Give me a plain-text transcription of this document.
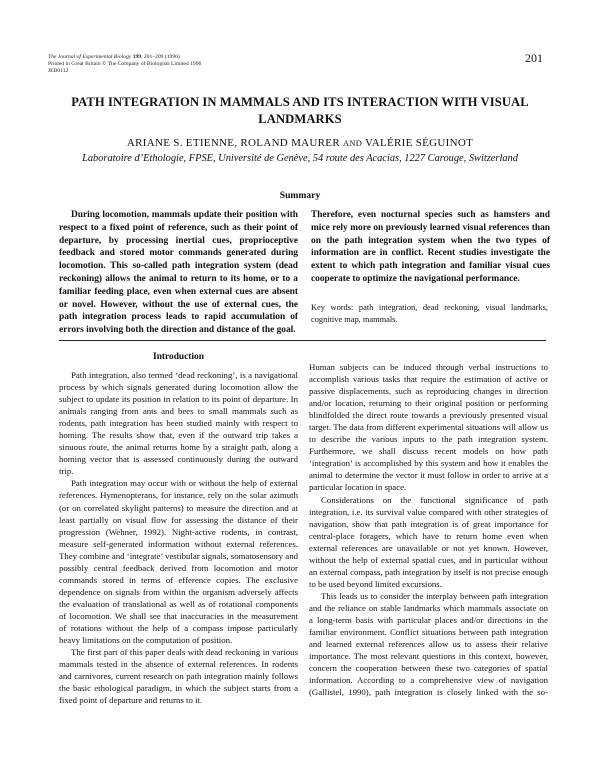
The Journal of Experimental Biology 199, 201–209 (1996)
Printed in Great Britain © The Company of Biologists Limited 1996
JEB0112
201
PATH INTEGRATION IN MAMMALS AND ITS INTERACTION WITH VISUAL
LANDMARKS
ARIANE S. ETIENNE, ROLAND MAURER AND VALÉRIE SÉGUINOT
Laboratoire d’Ethologie, FPSE, Université de Genève, 54 route des Acacias, 1227 Carouge, Switzerland
Summary
During locomotion, mammals update their position with respect to a fixed point of reference, such as their point of departure, by processing inertial cues, proprioceptive feedback and stored motor commands generated during locomotion. This so-called path integration system (dead reckoning) allows the animal to return to its home, or to a familiar feeding place, even when external cues are absent or novel. However, without the use of external cues, the path integration process leads to rapid accumulation of errors involving both the direction and distance of the goal.
Therefore, even nocturnal species such as hamsters and mice rely more on previously learned visual references than on the path integration system when the two types of information are in conflict. Recent studies investigate the extent to which path integration and familiar visual cues cooperate to optimize the navigational performance.
Key words: path integration, dead reckoning, visual landmarks, cognitive map, mammals.
Introduction

Path integration, also termed ‘dead reckoning’, is a navigational process by which signals generated during locomotion allow the subject to update its position in relation to its point of departure. In animals ranging from ants and bees to small mammals such as rodents, path integration has been studied mainly with respect to homing. The results show that, even if the outward trip takes a sinuous route, the animal returns home by a straight path, along a homing vector that is assessed continuously during the outward trip.

Path integration may occur with or without the help of external references. Hymenopterans, for instance, rely on the solar azimuth (or on correlated skylight patterns) to measure the direction and at least partially on visual flow for assessing the distance of their progression (Wehner, 1992). Night-active rodents, in contrast, measure self-generated information without external references. They combine and ‘integrate’ vestibular signals, somatosensory and possibly central feedback derived from locomotion and motor commands stored in terms of efference copies. The exclusive dependence on signals from within the organism adversely affects the evaluation of translational as well as of rotational components of locomotion. We shall see that inaccuracies in the measurement of rotations without the help of a compass impose particularly heavy limitations on the computation of position.

The first part of this paper deals with dead reckoning in various mammals tested in the absence of external references. In rodents and carnivores, current research on path integration mainly follows the basic ethological paradigm, in which the subject starts from a fixed point of departure and returns to it.

Human subjects can be induced through verbal instructions to accomplish various tasks that require the estimation of active or passive displacements, such as reproducing changes in direction and/or location, returning to their original position or performing blindfolded the direct route towards a previously presented visual target. The data from different experimental situations will allow us to describe the various inputs to the path integration system. Furthermore, we shall discuss recent models on how path ‘integration’ is accomplished by this system and how it enables the animal to determine the vector it must follow in order to arrive at a particular location in space.

Considerations on the functional significance of path integration, i.e. its survival value compared with other strategies of navigation, show that path integration is of great importance for central-place foragers, which have to return home even when external references are unavailable or not yet known. However, without the help of external spatial cues, and in particular without an external compass, path integration by itself is not precise enough to be used beyond limited excursions.

This leads us to consider the interplay between path integration and the reliance on stable landmarks which mammals associate on a long-term basis with particular places and/or directions in the familiar environment. Conflict situations between path integration and learned external references allow us to assess their relative importance. The most relevant questions in this context, however, concern the cooperation between these two categories of spatial information. According to a comprehensive view of navigation (Gallistel, 1990), path integration is closely linked with the so-
